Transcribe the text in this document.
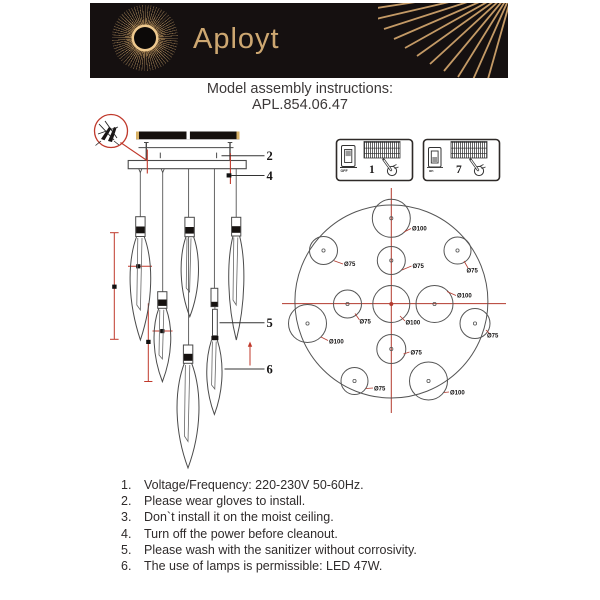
Aployt
Model assembly instructions:
APL.854.06.47
OFF 1	on 7
2
4
5
6
Ø100
Ø75	Ø75
Ø75
Ø75	Ø100
Ø100
Ø100
Ø75
Ø75
Ø75
Ø100
1.	Voltage/Frequency: 220-230V 50-60Hz.
2.	Please wear gloves to install.
3.	Don`t install it on the moist ceiling.
4.	Turn off the power before cleanout.
5.	Please wash with the sanitizer without corrosivity.
6.	The use of lamps is permissible: LED 47W.
